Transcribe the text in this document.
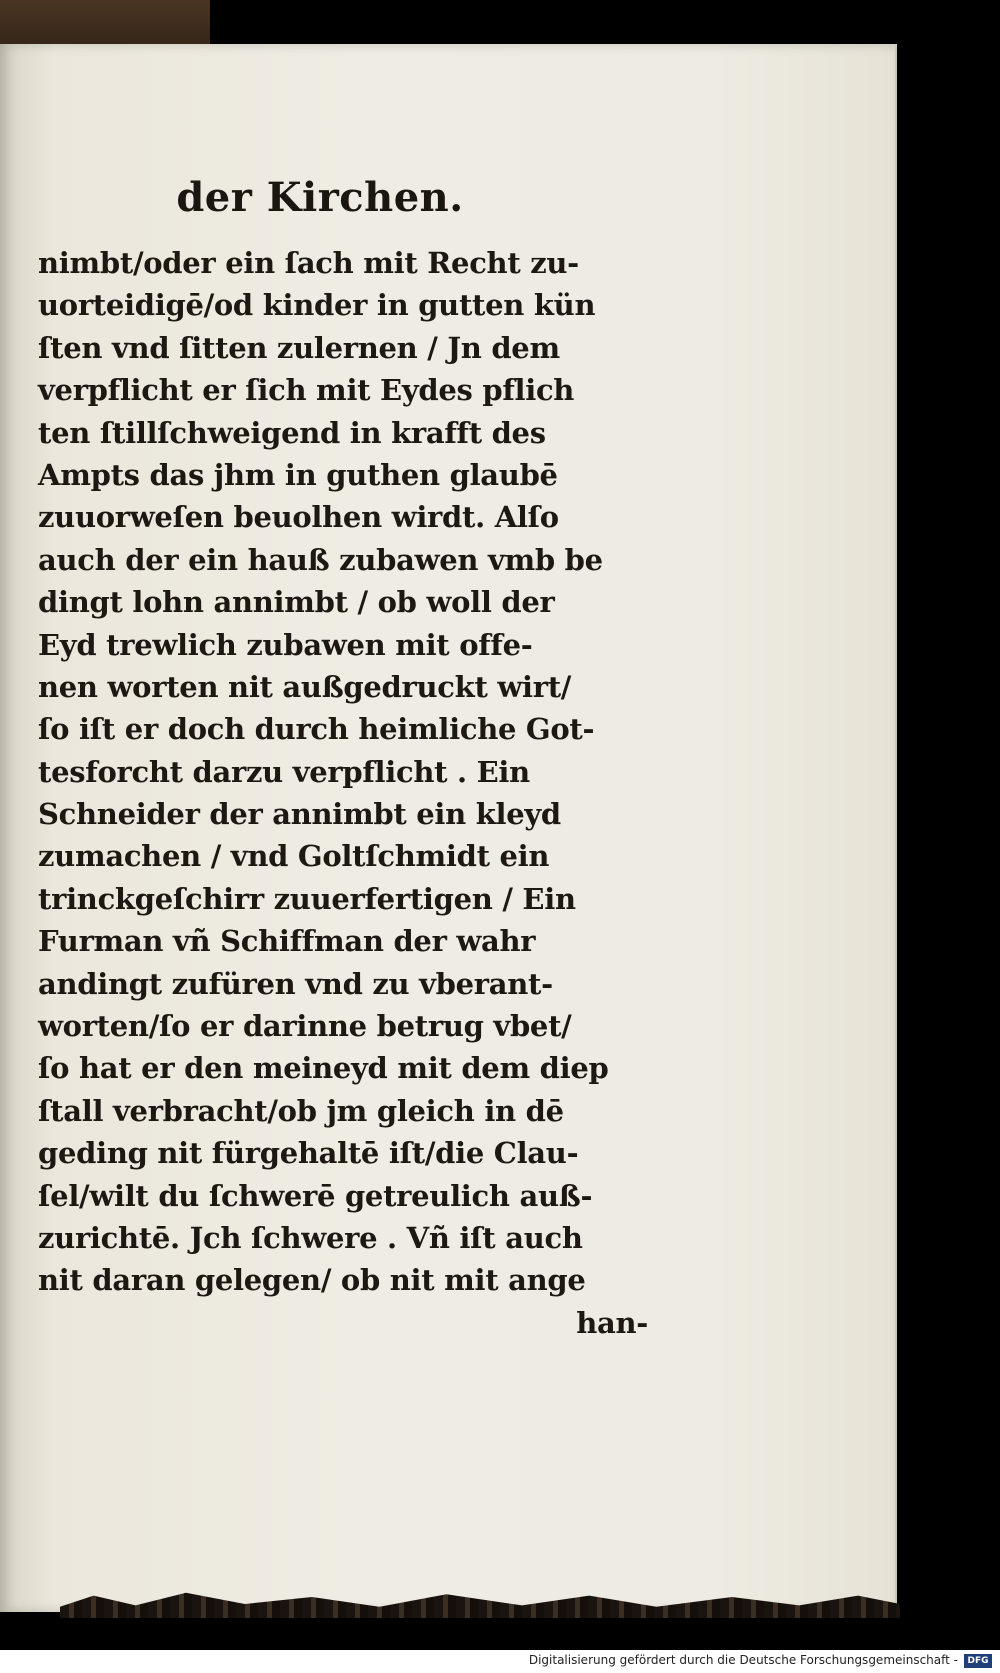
der Kirchen.
nimbt/oder ein ſach mit Recht zu‑
uorteidigē/od kinder in gutten kün
ſten vnd ſitten zulernen / Jn dem
verpflicht er ſich mit Eydes pflich
ten ſtillſchweigend in krafft des
Ampts das jhm in guthen glaubē
zuuorweſen beuolhen wirdt. Alſo
auch der ein hauß zubawen vmb be
dingt lohn annimbt / ob woll der
Eyd trewlich zubawen mit offe‑
nen worten nit außgedruckt wirt/
ſo iſt er doch durch heimliche Got‑
tesforcht darzu verpflicht . Ein
Schneider der annimbt ein kleyd
zumachen / vnd Goltſchmidt ein
trinckgeſchirr zuuerfertigen / Ein
Furman vñ Schiffman der wahr
andingt zufüren vnd zu vberant‑
worten/ſo er darinne betrug vbet/
ſo hat er den meineyd mit dem diep
ſtall verbracht/ob jm gleich in dē
geding nit fürgehaltē iſt/die Clau‑
ſel/wilt du ſchwerē getreulich auß‑
zurichtē. Jch ſchwere . Vñ iſt auch
nit daran gelegen/ ob nit mit ange
han‑
Digitalisierung gefördert durch die Deutsche Forschungsgemeinschaft -	DFG
